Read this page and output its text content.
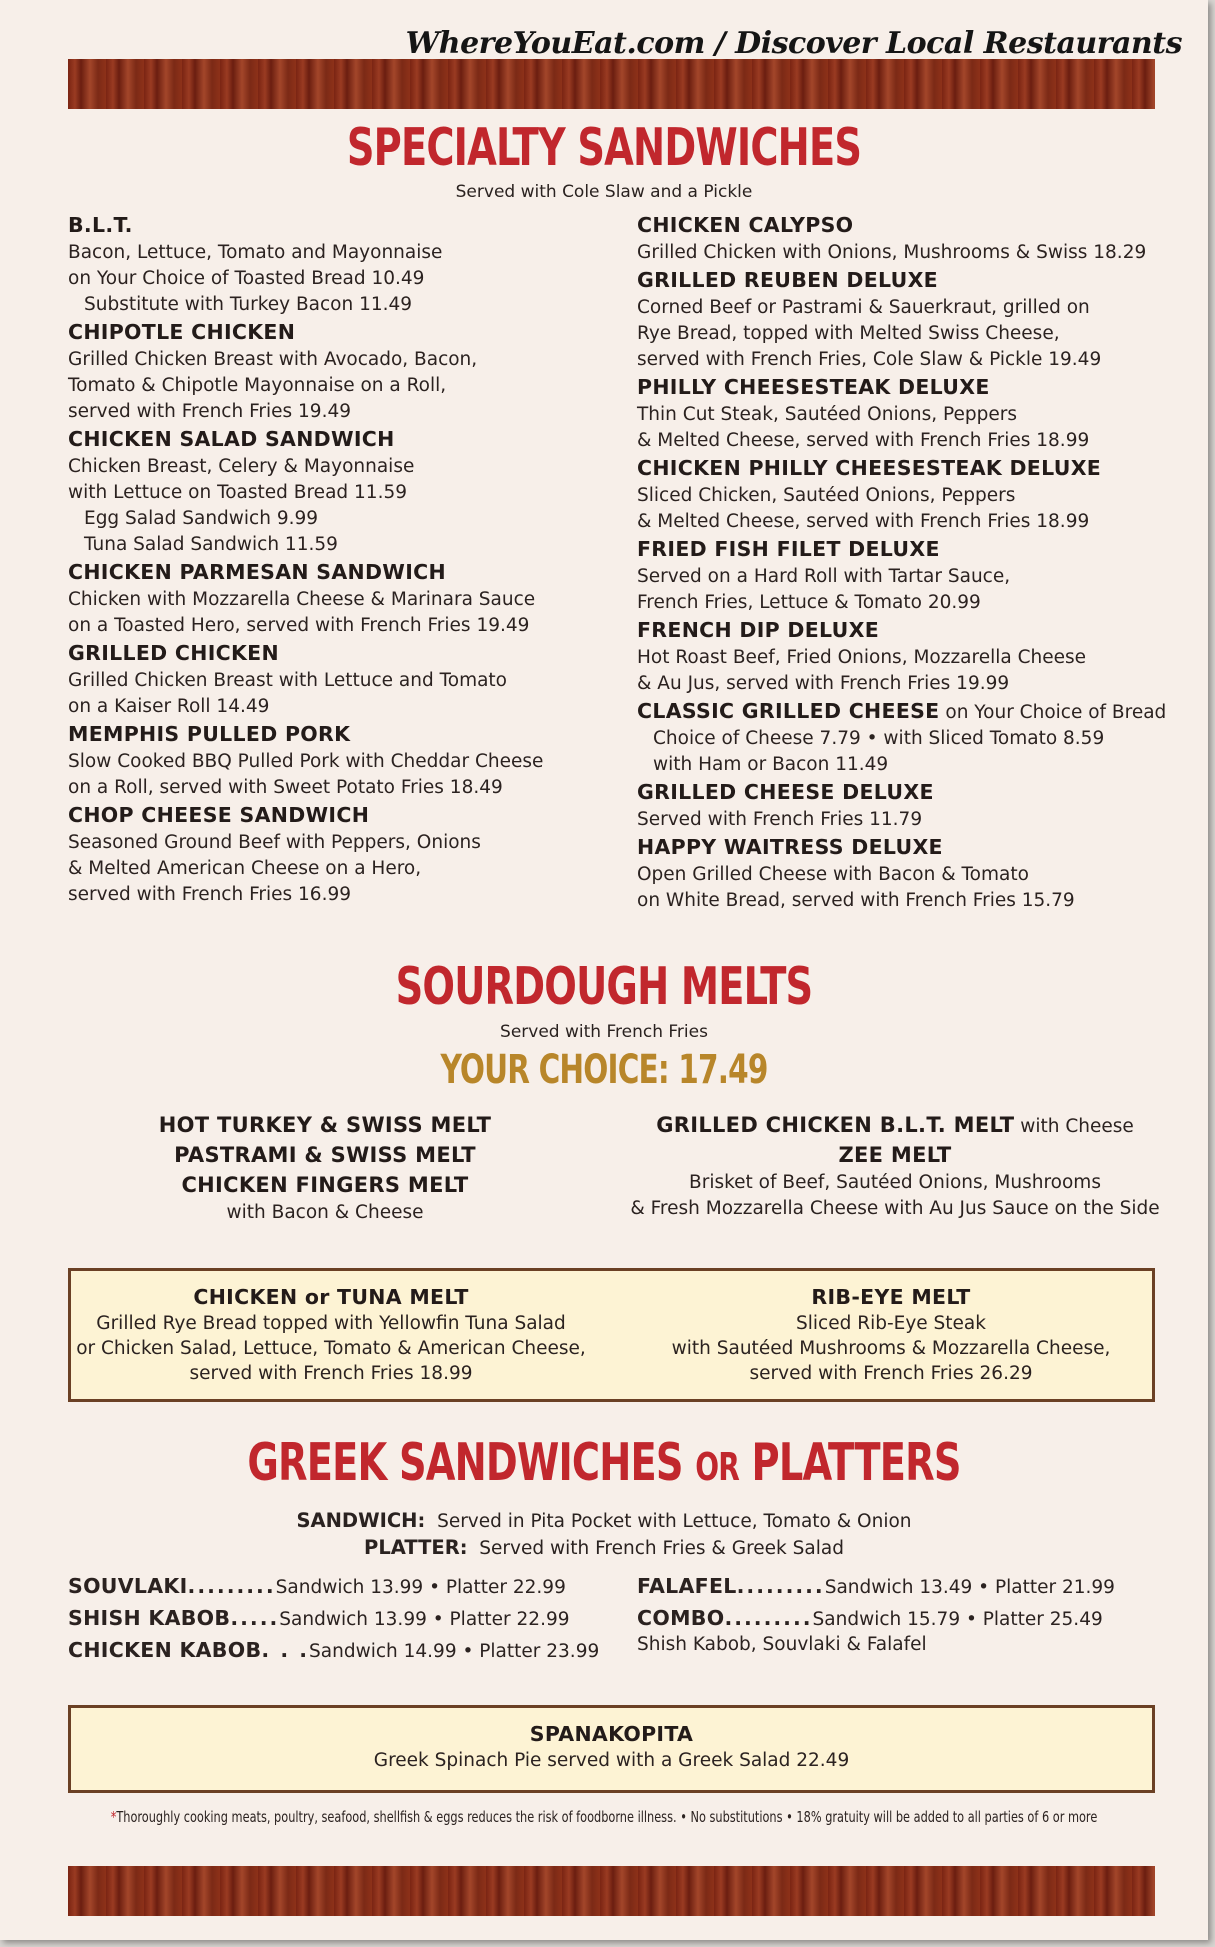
WhereYouEat.com / Discover Local Restaurants
SPECIALTY SANDWICHES
Served with Cole Slaw and a Pickle
B.L.T.
Bacon, Lettuce, Tomato and Mayonnaise
on Your Choice of Toasted Bread 10.49
Substitute with Turkey Bacon 11.49
CHIPOTLE CHICKEN
Grilled Chicken Breast with Avocado, Bacon,
Tomato & Chipotle Mayonnaise on a Roll,
served with French Fries 19.49
CHICKEN SALAD SANDWICH
Chicken Breast, Celery & Mayonnaise
with Lettuce on Toasted Bread 11.59
Egg Salad Sandwich 9.99
Tuna Salad Sandwich 11.59
CHICKEN PARMESAN SANDWICH
Chicken with Mozzarella Cheese & Marinara Sauce
on a Toasted Hero, served with French Fries 19.49
GRILLED CHICKEN
Grilled Chicken Breast with Lettuce and Tomato
on a Kaiser Roll 14.49
MEMPHIS PULLED PORK
Slow Cooked BBQ Pulled Pork with Cheddar Cheese
on a Roll, served with Sweet Potato Fries 18.49
CHOP CHEESE SANDWICH
Seasoned Ground Beef with Peppers, Onions
& Melted American Cheese on a Hero,
served with French Fries 16.99
CHICKEN CALYPSO
Grilled Chicken with Onions, Mushrooms & Swiss 18.29
GRILLED REUBEN DELUXE
Corned Beef or Pastrami & Sauerkraut, grilled on
Rye Bread, topped with Melted Swiss Cheese,
served with French Fries, Cole Slaw & Pickle 19.49
PHILLY CHEESESTEAK DELUXE
Thin Cut Steak, Sautéed Onions, Peppers
& Melted Cheese, served with French Fries 18.99
CHICKEN PHILLY CHEESESTEAK DELUXE
Sliced Chicken, Sautéed Onions, Peppers
& Melted Cheese, served with French Fries 18.99
FRIED FISH FILET DELUXE
Served on a Hard Roll with Tartar Sauce,
French Fries, Lettuce & Tomato 20.99
FRENCH DIP DELUXE
Hot Roast Beef, Fried Onions, Mozzarella Cheese
& Au Jus, served with French Fries 19.99
CLASSIC GRILLED CHEESE on Your Choice of Bread
Choice of Cheese 7.79 • with Sliced Tomato 8.59
with Ham or Bacon 11.49
GRILLED CHEESE DELUXE
Served with French Fries 11.79
HAPPY WAITRESS DELUXE
Open Grilled Cheese with Bacon & Tomato
on White Bread, served with French Fries 15.79
SOURDOUGH MELTS
Served with French Fries
YOUR CHOICE: 17.49
HOT TURKEY & SWISS MELT
PASTRAMI & SWISS MELT
CHICKEN FINGERS MELT
with Bacon & Cheese
GRILLED CHICKEN B.L.T. MELT with Cheese
ZEE MELT
Brisket of Beef, Sautéed Onions, Mushrooms
& Fresh Mozzarella Cheese with Au Jus Sauce on the Side
CHICKEN or TUNA MELT
Grilled Rye Bread topped with Yellowfin Tuna Salad
or Chicken Salad, Lettuce, Tomato & American Cheese,
served with French Fries 18.99
RIB-EYE MELT
Sliced Rib-Eye Steak
with Sautéed Mushrooms & Mozzarella Cheese,
served with French Fries 26.29
GREEK SANDWICHES OR PLATTERS
SANDWICH: Served in Pita Pocket with Lettuce, Tomato & Onion
PLATTER: Served with French Fries & Greek Salad
SOUVLAKI ......... Sandwich 13.99 • Platter 22.99
SHISH KABOB ..... Sandwich 13.99 • Platter 22.99
CHICKEN KABOB . . . Sandwich 14.99 • Platter 23.99
FALAFEL ......... Sandwich 13.49 • Platter 21.99
COMBO ......... Sandwich 15.79 • Platter 25.49
Shish Kabob, Souvlaki & Falafel
SPANAKOPITA
Greek Spinach Pie served with a Greek Salad 22.49
*Thoroughly cooking meats, poultry, seafood, shellfish & eggs reduces the risk of foodborne illness. • No substitutions • 18% gratuity will be added to all parties of 6 or more
